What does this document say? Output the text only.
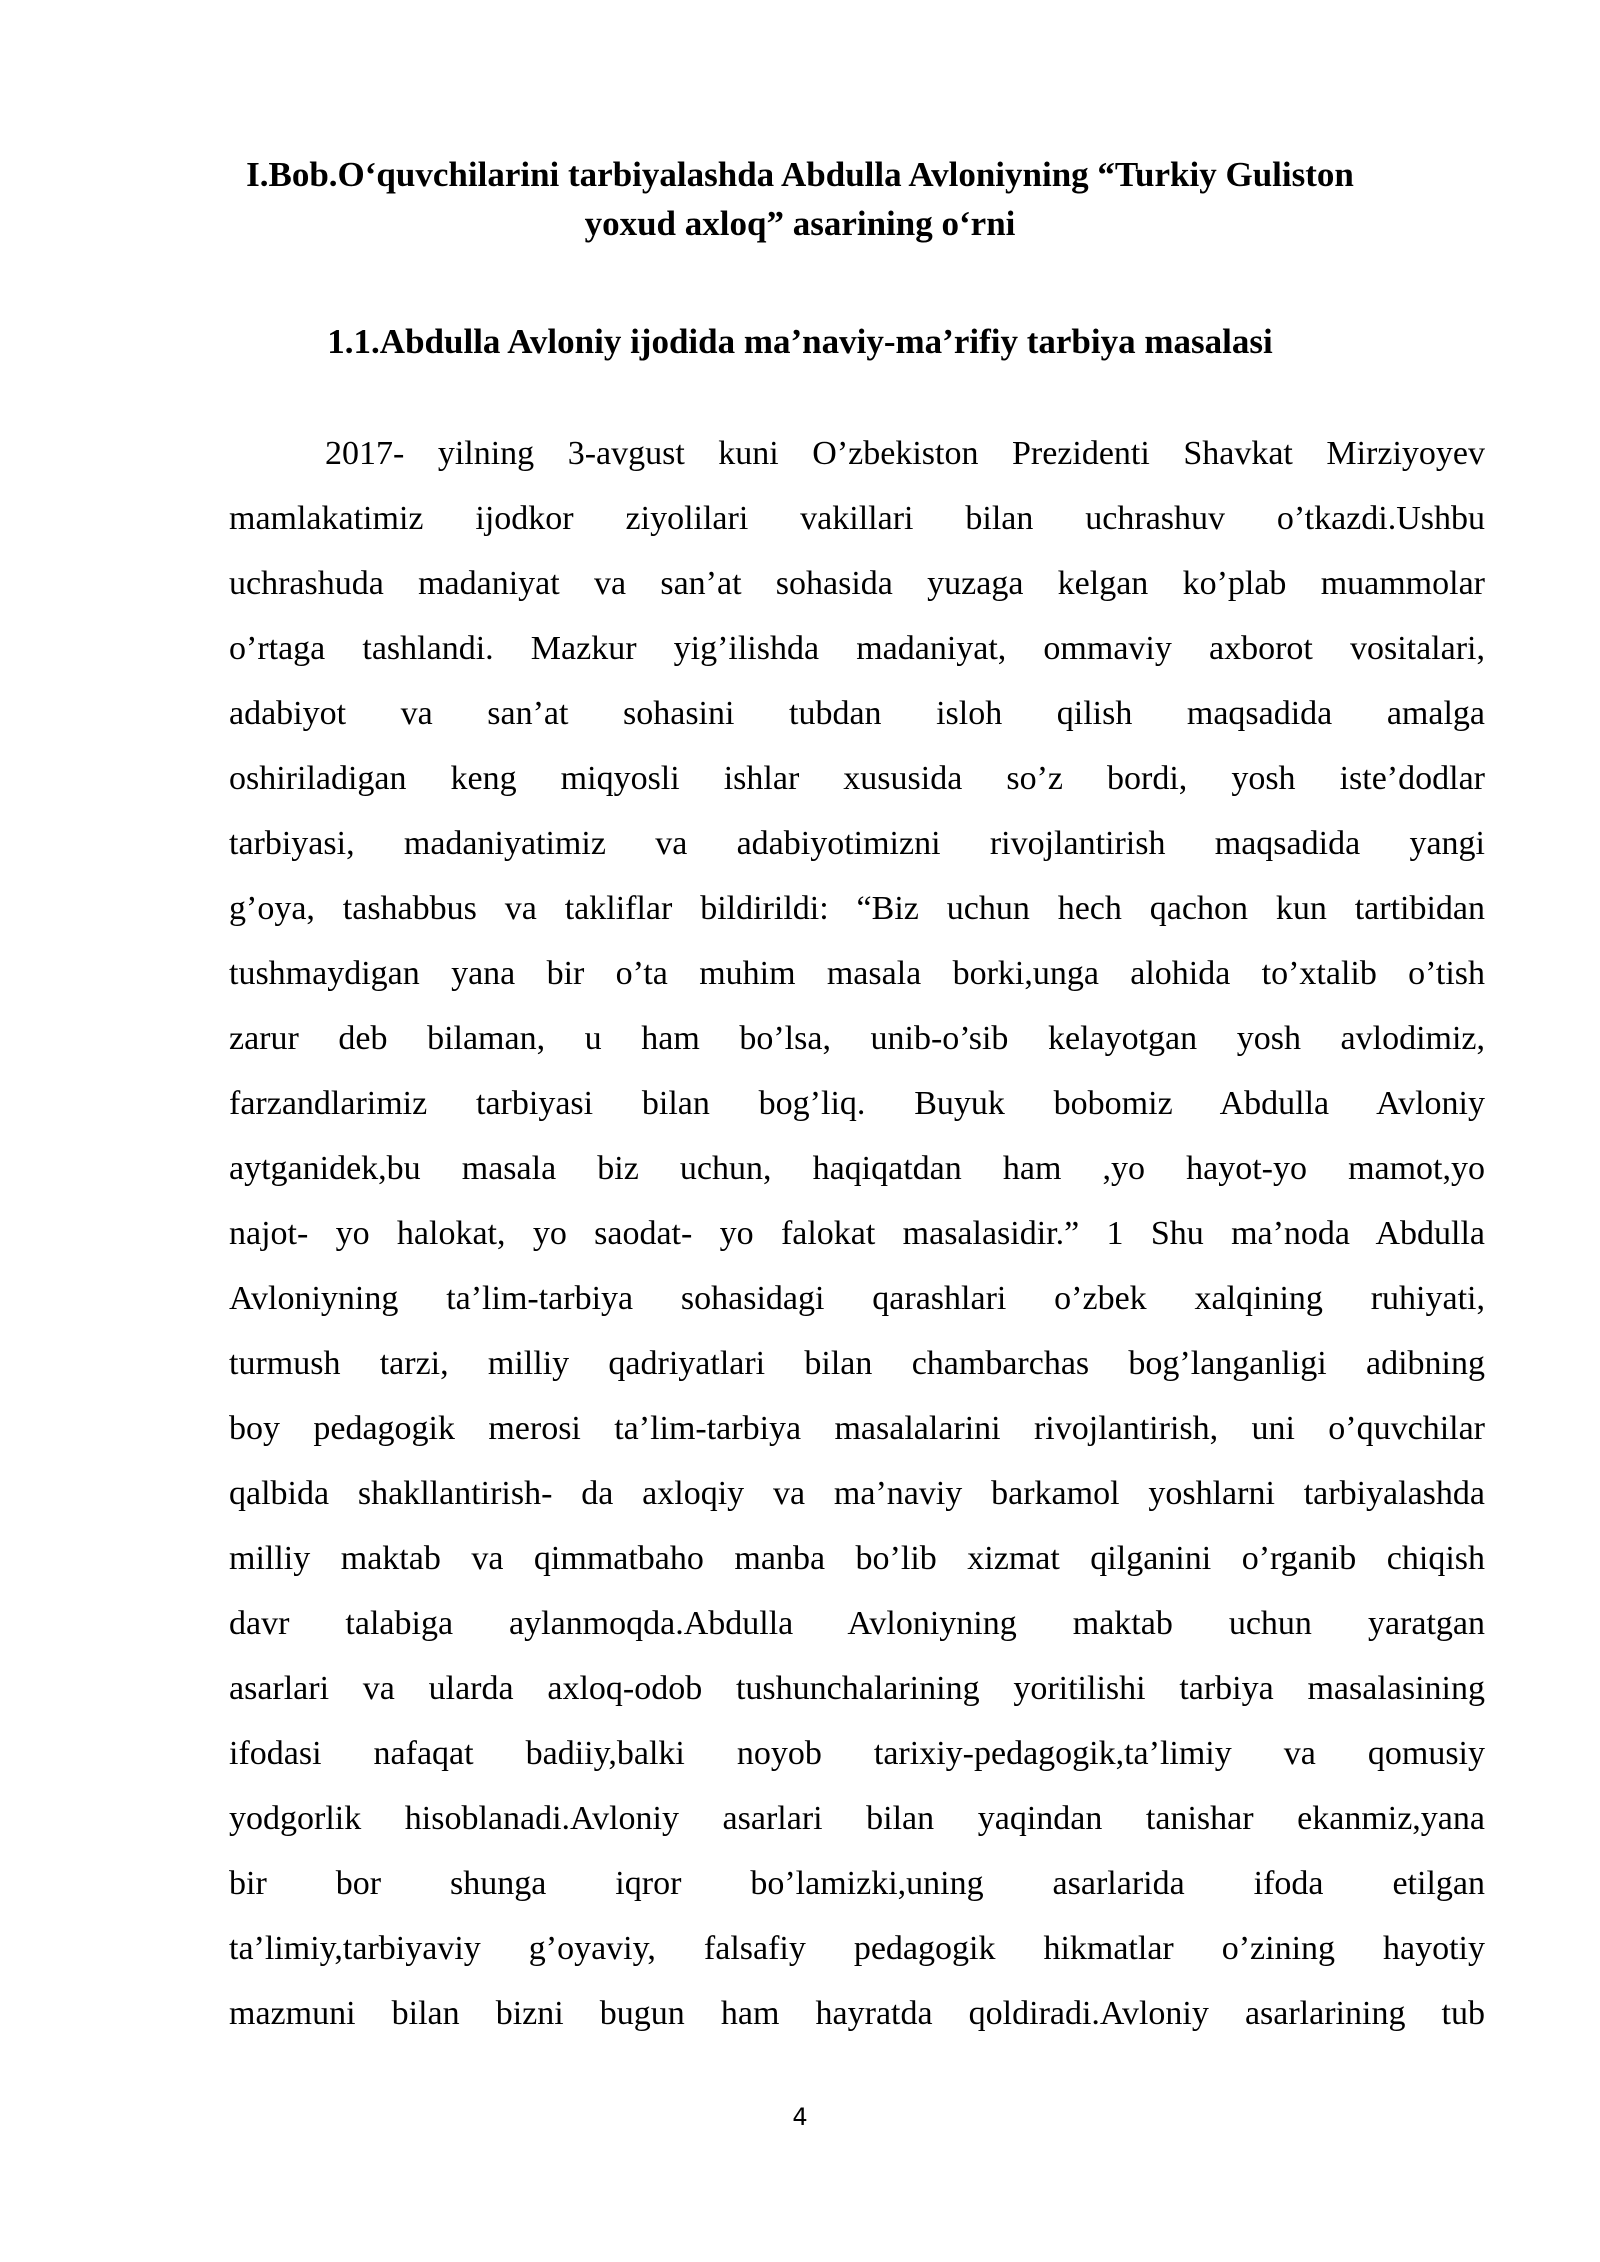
I.Bob.O‘quvchilarini tarbiyalashda Abdulla Avloniyning “Turkiy Guliston
yoxud axloq” asarining o‘rni
1.1.Abdulla Avloniy ijodida ma’naviy-ma’rifiy tarbiya masalasi
2017- yilning 3-avgust kuni O’zbekiston Prezidenti Shavkat Mirziyoyev
mamlakatimiz ijodkor ziyolilari vakillari bilan uchrashuv o’tkazdi.Ushbu
uchrashuda madaniyat va san’at sohasida yuzaga kelgan ko’plab muammolar
o’rtaga tashlandi. Mazkur yig’ilishda madaniyat, ommaviy axborot vositalari,
adabiyot va san’at sohasini tubdan isloh qilish maqsadida amalga
oshiriladigan keng miqyosli ishlar xususida so’z bordi, yosh iste’dodlar
tarbiyasi, madaniyatimiz va adabiyotimizni rivojlantirish maqsadida yangi
g’oya, tashabbus va takliflar bildirildi: “Biz uchun hech qachon kun tartibidan
tushmaydigan yana bir o’ta muhim masala borki,unga alohida to’xtalib o’tish
zarur deb bilaman, u ham bo’lsa, unib-o’sib kelayotgan yosh avlodimiz,
farzandlarimiz tarbiyasi bilan bog’liq. Buyuk bobomiz Abdulla Avloniy
aytganidek,bu masala biz uchun, haqiqatdan ham ,yo hayot-yo mamot,yo
najot- yo halokat, yo saodat- yo falokat masalasidir.” 1 Shu ma’noda Abdulla
Avloniyning ta’lim-tarbiya sohasidagi qarashlari o’zbek xalqining ruhiyati,
turmush tarzi, milliy qadriyatlari bilan chambarchas bog’langanligi adibning
boy pedagogik merosi ta’lim-tarbiya masalalarini rivojlantirish, uni o’quvchilar
qalbida shakllantirish- da axloqiy va ma’naviy barkamol yoshlarni tarbiyalashda
milliy maktab va qimmatbaho manba bo’lib xizmat qilganini o’rganib chiqish
davr talabiga aylanmoqda.Abdulla Avloniyning maktab uchun yaratgan
asarlari va ularda axloq-odob tushunchalarining yoritilishi tarbiya masalasining
ifodasi nafaqat badiiy,balki noyob tarixiy-pedagogik,ta’limiy va qomusiy
yodgorlik hisoblanadi.Avloniy asarlari bilan yaqindan tanishar ekanmiz,yana
bir bor shunga iqror bo’lamizki,uning asarlarida ifoda etilgan
ta’limiy,tarbiyaviy g’oyaviy, falsafiy pedagogik hikmatlar o’zining hayotiy
mazmuni bilan bizni bugun ham hayratda qoldiradi.Avloniy asarlarining tub
4
